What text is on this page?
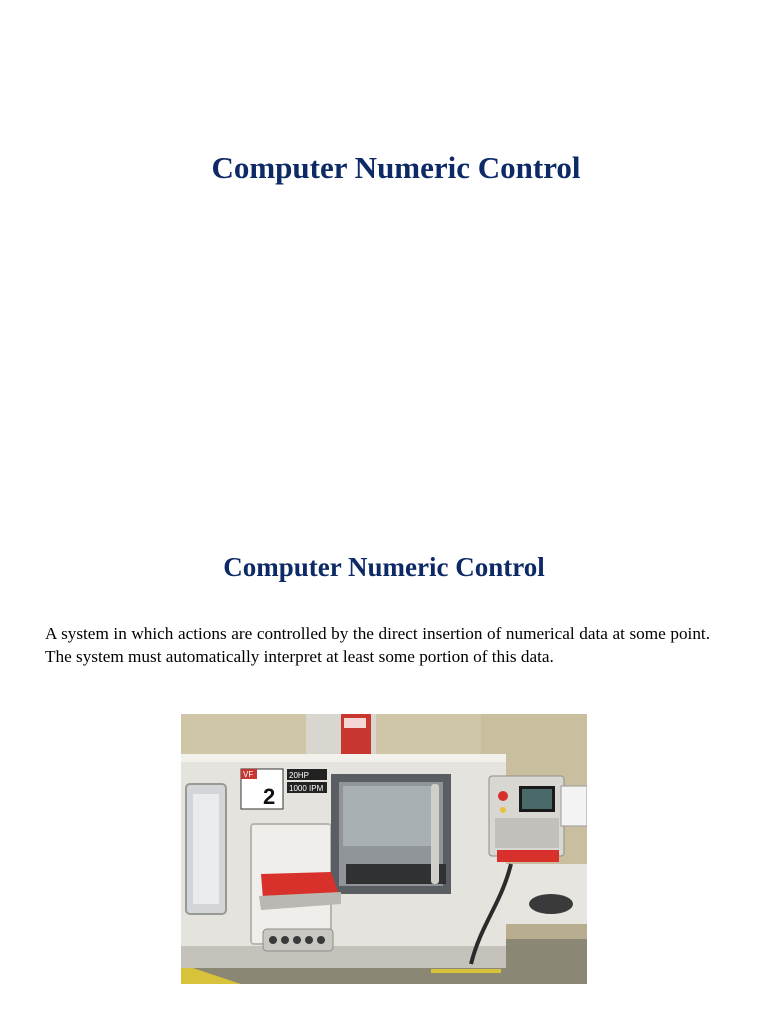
Computer Numeric Control
Computer Numeric Control

A system in which actions are controlled by the direct insertion of numerical data at some point. The system must automatically interpret at least some portion of this data.

VF
2
20HP
1000 IPM
